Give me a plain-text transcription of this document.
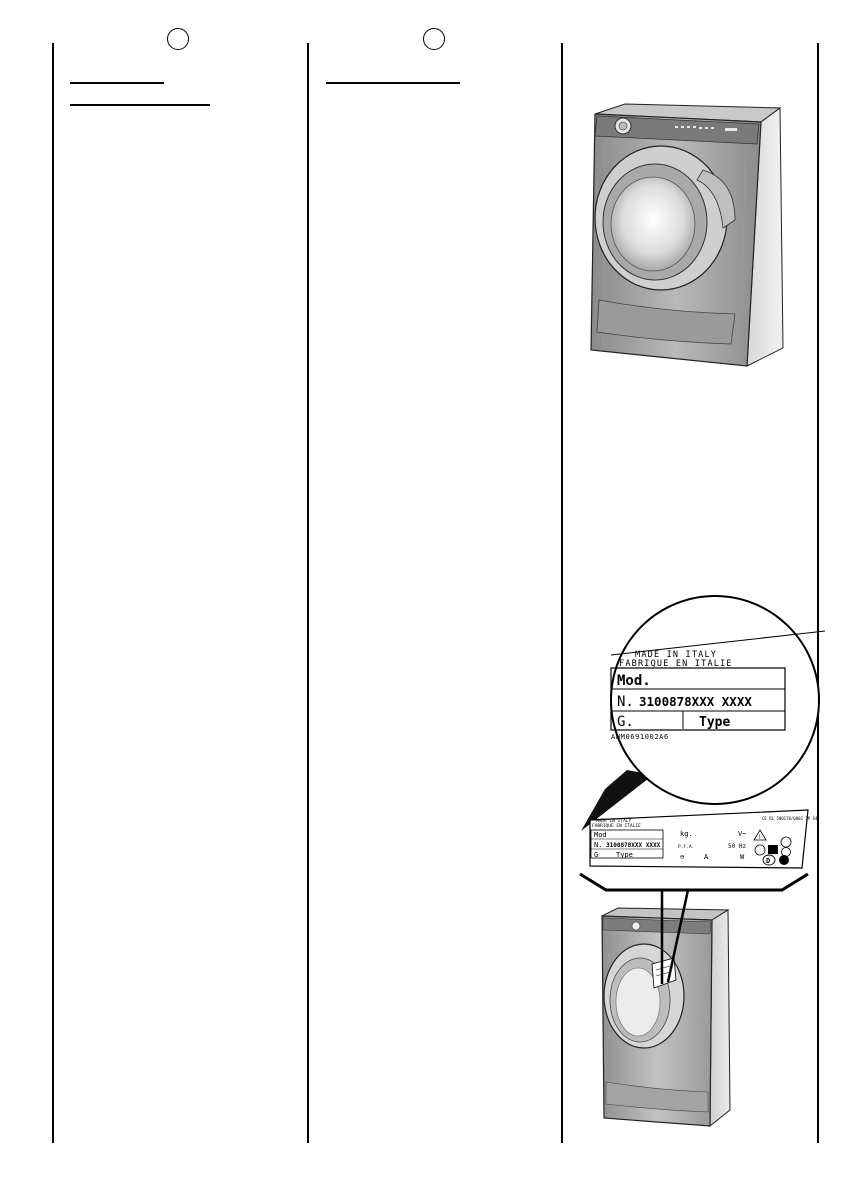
MADE IN ITALY
FABRIQUE EN ITALIE
Mod.
N. 3100878XXX XXXX
G.	Type
ANM0691002A6
MADE IN ITALY
FABRIQUE EN ITALIE
CE RL 500170/0002 IP X4
Mod
N. 3100878XXX XXXX
G	Type
kg.
P.F.A.
⊖	A
V~
50 Hz
W
!
D
